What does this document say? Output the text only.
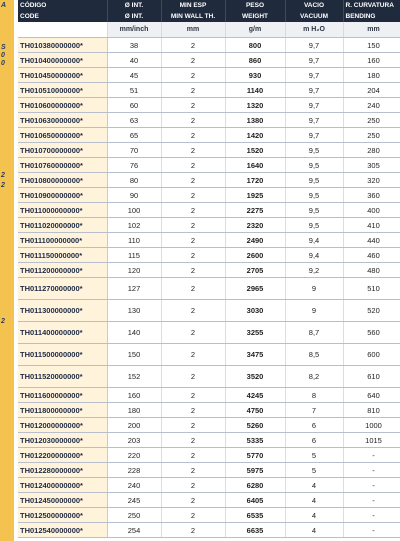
A
S
0
0
2
2
2
CÓDIGO	Ø INT.	MIN ESP	PESO	VACIO	R. CURVATURA
CODE	Ø INT.	MIN WALL TH.	WEIGHT	VACUUM	BENDING
	mm/inch	mm	g/m	m H₂O	mm
TH010380000000*	38	2	800	9,7	150
TH010400000000*	40	2	860	9,7	160
TH010450000000*	45	2	930	9,7	180
TH010510000000*	51	2	1140	9,7	204
TH010600000000*	60	2	1320	9,7	240
TH010630000000*	63	2	1380	9,7	250
TH010650000000*	65	2	1420	9,7	250
TH010700000000*	70	2	1520	9,5	280
TH010760000000*	76	2	1640	9,5	305
TH010800000000*	80	2	1720	9,5	320
TH010900000000*	90	2	1925	9,5	360
TH011000000000*	100	2	2275	9,5	400
TH011020000000*	102	2	2320	9,5	410
TH011100000000*	110	2	2490	9,4	440
TH011150000000*	115	2	2600	9,4	460
TH011200000000*	120	2	2705	9,2	480
TH011270000000*	127	2	2965	9	510
TH011300000000*	130	2	3030	9	520
TH011400000000*	140	2	3255	8,7	560
TH011500000000*	150	2	3475	8,5	600
TH011520000000*	152	2	3520	8,2	610
TH011600000000*	160	2	4245	8	640
TH011800000000*	180	2	4750	7	810
TH012000000000*	200	2	5260	6	1000
TH012030000000*	203	2	5335	6	1015
TH012200000000*	220	2	5770	5	-
TH012280000000*	228	2	5975	5	-
TH012400000000*	240	2	6280	4	-
TH012450000000*	245	2	6405	4	-
TH012500000000*	250	2	6535	4	-
TH012540000000*	254	2	6635	4	-
